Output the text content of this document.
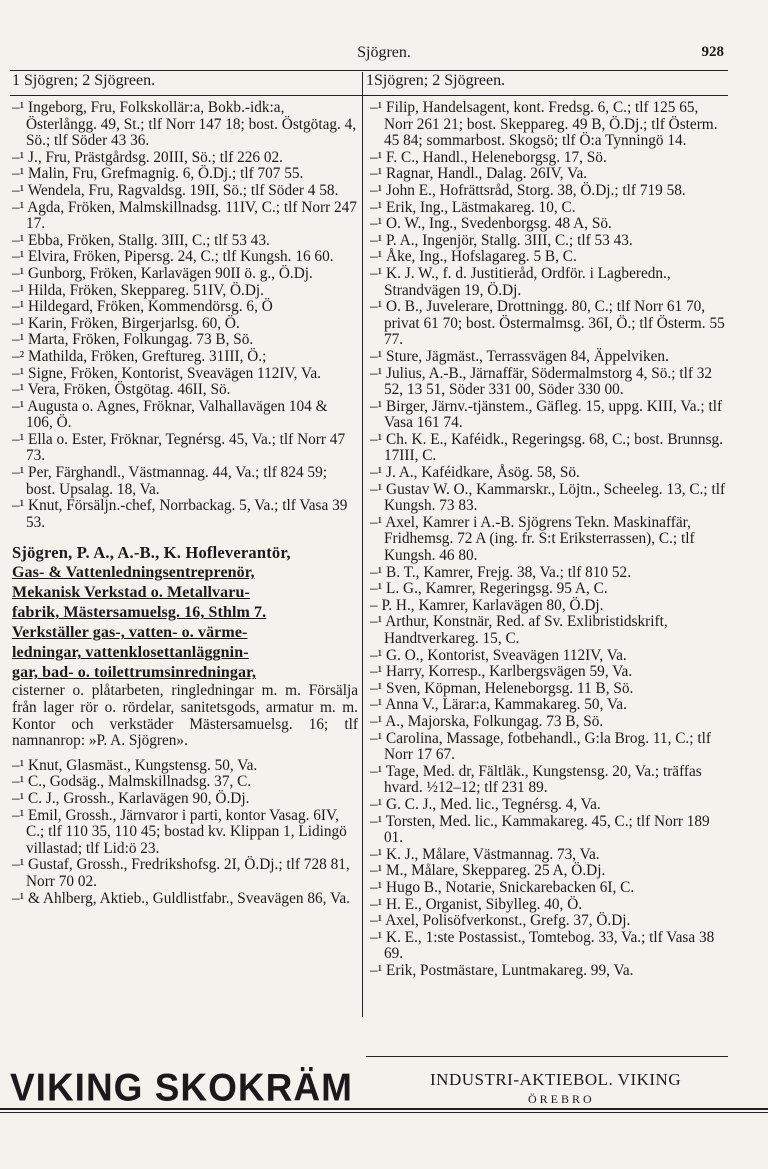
Sjögren.	928
1 Sjögren; 2 Sjögreen.	1Sjögren; 2 Sjögreen.
–¹ Ingeborg, Fru, Folkskollär:a, Bokb.-idk:a, Österlångg. 49, St.; tlf Norr 147 18; bost. Östgötag. 4, Sö.; tlf Söder 43 36.
–¹ J., Fru, Prästgårdsg. 20III, Sö.; tlf 226 02.
–¹ Malin, Fru, Grefmagnig. 6, Ö.Dj.; tlf 707 55.
–¹ Wendela, Fru, Ragvaldsg. 19II, Sö.; tlf Söder 4 58.
–¹ Agda, Fröken, Malmskillnadsg. 11IV, C.; tlf Norr 247 17.
–¹ Ebba, Fröken, Stallg. 3III, C.; tlf 53 43.
–¹ Elvira, Fröken, Pipersg. 24, C.; tlf Kungsh. 16 60.
–¹ Gunborg, Fröken, Karlavägen 90II ö. g., Ö.Dj.
–¹ Hilda, Fröken, Skeppareg. 51IV, Ö.Dj.
–¹ Hildegard, Fröken, Kommendörsg. 6, Ö
–¹ Karin, Fröken, Birgerjarlsg. 60, Ö.
–¹ Marta, Fröken, Folkungag. 73 B, Sö.
–² Mathilda, Fröken, Greftureg. 31III, Ö.;
–¹ Signe, Fröken, Kontorist, Sveavägen 112IV, Va.
–¹ Vera, Fröken, Östgötag. 46II, Sö.
–¹ Augusta o. Agnes, Fröknar, Valhallavägen 104 & 106, Ö.
–¹ Ella o. Ester, Fröknar, Tegnérsg. 45, Va.; tlf Norr 47 73.
–¹ Per, Färghandl., Västmannag. 44, Va.; tlf 824 59; bost. Upsalag. 18, Va.
–¹ Knut, Försäljn.-chef, Norrbackag. 5, Va.; tlf Vasa 39 53.
Sjögren, P. A., A.-B., K. Hofleverantör,
Gas- & Vattenledningsentreprenör,
Mekanisk Verkstad o. Metallvaru-
fabrik, Mästersamuelsg. 16, Sthlm 7.
Verkställer gas-, vatten- o. värme-
ledningar, vattenklosettanläggnin-
gar, bad- o. toilettrumsinredningar,
cisterner o. plåtarbeten, ringledningar m. m. Försälja från lager rör o. rördelar, sanitetsgods, armatur m. m. Kontor och verkstäder Mästersamuelsg. 16; tlf namnanrop: »P. A. Sjögren».
–¹ Knut, Glasmäst., Kungstensg. 50, Va.
–¹ C., Godsäg., Malmskillnadsg. 37, C.
–¹ C. J., Grossh., Karlavägen 90, Ö.Dj.
–¹ Emil, Grossh., Järnvaror i parti, kontor Vasag. 6IV, C.; tlf 110 35, 110 45; bostad kv. Klippan 1, Lidingö villastad; tlf Lid:ö 23.
–¹ Gustaf, Grossh., Fredrikshofsg. 2I, Ö.Dj.; tlf 728 81, Norr 70 02.
–¹ & Ahlberg, Aktieb., Guldlistfabr., Sveavägen 86, Va.
–¹ Filip, Handelsagent, kont. Fredsg. 6, C.; tlf 125 65, Norr 261 21; bost. Skeppareg. 49 B, Ö.Dj.; tlf Österm. 45 84; sommarbost. Skogsö; tlf Ö:a Tynningö 14.
–¹ F. C., Handl., Heleneborgsg. 17, Sö.
–¹ Ragnar, Handl., Dalag. 26IV, Va.
–¹ John E., Hofrättsråd, Storg. 38, Ö.Dj.; tlf 719 58.
–¹ Erik, Ing., Lästmakareg. 10, C.
–¹ O. W., Ing., Svedenborgsg. 48 A, Sö.
–¹ P. A., Ingenjör, Stallg. 3III, C.; tlf 53 43.
–¹ Åke, Ing., Hofslagareg. 5 B, C.
–¹ K. J. W., f. d. Justitieråd, Ordför. i Lagberedn., Strandvägen 19, Ö.Dj.
–¹ O. B., Juvelerare, Drottningg. 80, C.; tlf Norr 61 70, privat 61 70; bost. Östermalmsg. 36I, Ö.; tlf Österm. 55 77.
–¹ Sture, Jägmäst., Terrassvägen 84, Äppelviken.
–¹ Julius, A.-B., Järnaffär, Södermalmstorg 4, Sö.; tlf 32 52, 13 51, Söder 331 00, Söder 330 00.
–¹ Birger, Järnv.-tjänstem., Gäfleg. 15, uppg. KIII, Va.; tlf Vasa 161 74.
–¹ Ch. K. E., Kaféidk., Regeringsg. 68, C.; bost. Brunnsg. 17III, C.
–¹ J. A., Kaféidkare, Åsög. 58, Sö.
–¹ Gustav W. O., Kammarskr., Löjtn., Scheeleg. 13, C.; tlf Kungsh. 73 83.
–¹ Axel, Kamrer i A.-B. Sjögrens Tekn. Maskinaffär, Fridhemsg. 72 A (ing. fr. S:t Eriksterrassen), C.; tlf Kungsh. 46 80.
–¹ B. T., Kamrer, Frejg. 38, Va.; tlf 810 52.
–¹ L. G., Kamrer, Regeringsg. 95 A, C.
– P. H., Kamrer, Karlavägen 80, Ö.Dj.
–¹ Arthur, Konstnär, Red. af Sv. Exlibristidskrift, Handtverkareg. 15, C.
–¹ G. O., Kontorist, Sveavägen 112IV, Va.
–¹ Harry, Korresp., Karlbergsvägen 59, Va.
–¹ Sven, Köpman, Heleneborgsg. 11 B, Sö.
–¹ Anna V., Lärar:a, Kammakareg. 50, Va.
–¹ A., Majorska, Folkungag. 73 B, Sö.
–¹ Carolina, Massage, fotbehandl., G:la Brog. 11, C.; tlf Norr 17 67.
–¹ Tage, Med. dr, Fältläk., Kungstensg. 20, Va.; träffas hvard. ½12–12; tlf 231 89.
–¹ G. C. J., Med. lic., Tegnérsg. 4, Va.
–¹ Torsten, Med. lic., Kammakareg. 45, C.; tlf Norr 189 01.
–¹ K. J., Målare, Västmannag. 73, Va.
–¹ M., Målare, Skeppareg. 25 A, Ö.Dj.
–¹ Hugo B., Notarie, Snickarebacken 6I, C.
–¹ H. E., Organist, Sibylleg. 40, Ö.
–¹ Axel, Polisöfverkonst., Grefg. 37, Ö.Dj.
–¹ K. E., 1:ste Postassist., Tomtebog. 33, Va.; tlf Vasa 38 69.
–¹ Erik, Postmästare, Luntmakareg. 99, Va.
VIKING SKOKRÄM	INDUSTRI-AKTIEBOL. VIKING
ÖREBRO
